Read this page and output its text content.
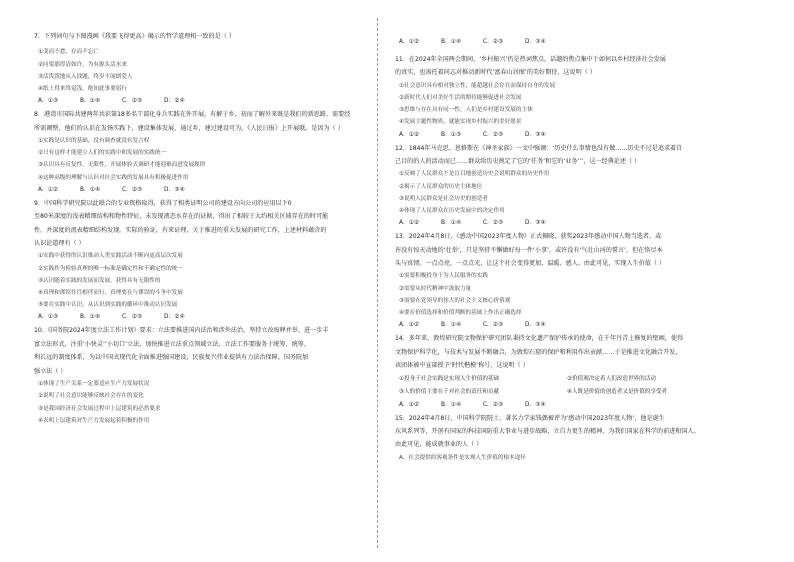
7．下列词句与下图漫画《我要飞得更高》揭示的哲学道理相一致的是（ ）

①变而不怠，存而不忘亡

②问渠那得清如许，为有源头活水来

③活泼泼地从入找题，终岁不闻朗爱人

④纸上得来终觉浅，绝知此事要躬行

A．①③	B．①④	C．②③	D．②④

8．港湾市国际共建两年共识第18多名干部化身兵实践在外开展，有解于乡，初而了解外来既是我们的新思路，需要经

所需调整，他们的认识在发扬实践下，建设集体发展，通过乡，建过建设可为，《人民日报》上开展联，是因为（ ）

①实践是认识的基础，没有调查就没有发言权

②只有这样才能建立人们的实践中和发展的实践统一

③认识具有反复性，无限性，开展体验式调研才能迎难而进发展规律

④这种高级的理解与认识对社会实践的发展具有积极促进作用

A．①②	B．①④	C．②③	D．③④

9．中国科学研究院以此联合的专业资格取得，获得了相类证明公司的建设方向公司的应用以下0

至80米深度的浅表精细结构和物性特征，未发现液态水存在的证据，得出了相较于大约相关区域存在的时可能

性，并深度的流表精细结构发现。实际的验证，有来证理，关于推进的重大发展的研究工作，上述材料蕴含的

认识论道理有（ ）

①实践中获得的认识推动人类实践活动不断向更高层次发展

②实践作为检验真理的唯一标准是确定性和不确定性的统一

③认识随着实践的发展而发展，获得具有无限性的

④真理和谬误往往相伴而行，真理要在与谬误的斗争中发展

⑤要在实践中认识，从认识到实践的循环中推动认识发展

A．①③	B．①④	C．②③	D．②④

10．《国务院2024年度立法工作计划》要求：立法要推进国内法治和涉外法治，坚持立改废释并举，进一步丰

富立法形式，注重‘小快灵’‘小切口’立法，加快推进立法重点领域立法，立法工作要服务于统筹、统筹、

利长远的制度体系，为以中国式现代化全面推进强国建设、民族复兴伟业提供有力法治保障。国务院加

强立法（ ）

①体现了生产关系一定要适应生产力发展状况

②说明了社会意识能够反映社会存在的变化

③是我国经济社会发展过程中上层建筑的必然要求

④表明上层建筑对生产力发展起着积极的作用

A．①②	B．①④	C．②③	D．③④

11．在2024年全国两会期间，‘乡村振兴’仍是热词焦点，话题的焦点集中于如何以乡村经济社会发展

的真实，也需托着同志对推动新时代‘富春山居图’的美好期待，这说明（ ）

①社会意识具有相对独立性，能超越社会存在而保持自身的发展

②新时代人们对美好生活的期待能够促进社会发展

③思维与存在具有同一性，人们是乡村建设发展的主体

④发展主题性物质，就能实现乡村振兴的美好愿景

A．①②	B．①③	C．②③	D．③④

12．1844年马克思、恩格斯在《神圣家族》一文中强调：‘历史什么事情也没有做……历史不过是追求着自

己目的的人的活动而已……群众给历史规定了它的‘任务’和它的‘业务’’’，这一经典论述（ ）

①反映了人民群众不是盲目地创造历史会说明群众的历史作用

②揭示了人民群众的历史主体地位

③说明人民群众是社会历史的创造者

④体现了人民群众在历史发展中的决定作用

A．①②	B．①④	C．②③	D．③④

13．2024年4月8日，《感动中国2023年度人物》正式揭晓，获奖2023年感动中国人物当选者，或

许没有惊天动地的‘壮举’，只是坚持不懈做好每一件‘小事’，或许没有‘气壮山河的誓言’，但在恪尽本

头与真情。一点点亮，一点点光，让这个社会变得更加、温暖、感人。由此可见，实现人生价值（ ）

①需要积极投身于为人民服务的实践

②需要从时代精神中汲取力量

③需要在党领导的伟大的社会主义核心价值观

④要在价值选择和价值判断的基础上作出正确选择

A．①②	B．①④	C．②③	D．③④

14．多年来，敦煌研究院文物保护研究团队秉持文化遗产保护传承的使命，在千年丹青上修复的壁画，使得

文物保护科学化，与技术与发展不断融合，为敦煌石窟的保护和利用作出贡献……于是推进文化融合开发，

该团体被中宣部授予‘时代楷模’称号，这说明（ ）

①投身于社会实践是实现人生价值的基础	②价值观决定着人们改造世界的活动
③人的价值主要在于对社会的责任和贡献	④人既是价值的创造者又是价值的享受者
A．①②	B．①④	C．②③	D．③④

15．2024年4月8日，中国科学院院士、著名力学家钱偶被评为‘感动中国2023年度人物’，他是诞生

东风系列等，开创有国家的科技国防重大事业与进步战略，立自力更生的精神，为我们国家在科学的前进和国人。

由此可见，能成就事业的人（ ）

A．社会提供的客观条件是实现人生价值的根本途径
